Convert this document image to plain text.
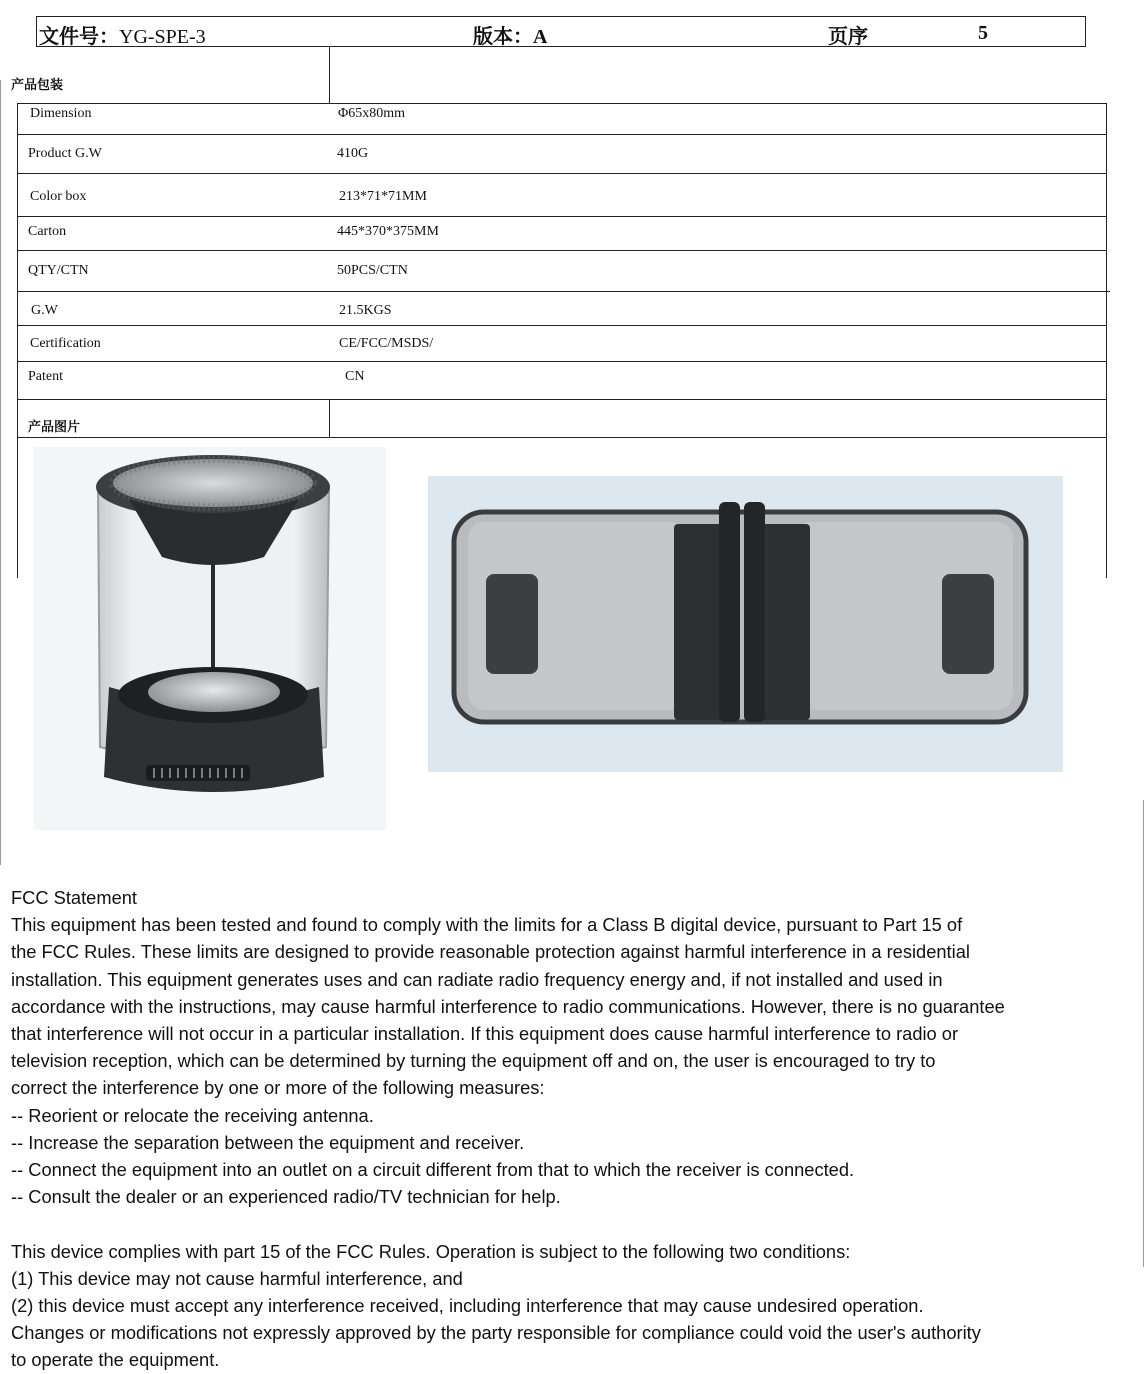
文件号：YG-SPE-3	版本：A	页序	5
产品包装
Dimension	Φ65x80mm
Product G.W	410G
Color box	213*71*71MM
Carton	445*370*375MM
QTY/CTN	50PCS/CTN
G.W	21.5KGS
Certification	CE/FCC/MSDS/
Patent	CN
产品图片
FCC Statement
This equipment has been tested and found to comply with the limits for a Class B digital device, pursuant to Part 15 of
the FCC Rules. These limits are designed to provide reasonable protection against harmful interference in a residential
installation. This equipment generates uses and can radiate radio frequency energy and, if not installed and used in
accordance with the instructions, may cause harmful interference to radio communications. However, there is no guarantee
that interference will not occur in a particular installation. If this equipment does cause harmful interference to radio or
television reception, which can be determined by turning the equipment off and on, the user is encouraged to try to
correct the interference by one or more of the following measures:
-- Reorient or relocate the receiving antenna.
-- Increase the separation between the equipment and receiver.
-- Connect the equipment into an outlet on a circuit different from that to which the receiver is connected.
-- Consult the dealer or an experienced radio/TV technician for help.
This device complies with part 15 of the FCC Rules. Operation is subject to the following two conditions:
(1) This device may not cause harmful interference, and
(2) this device must accept any interference received, including interference that may cause undesired operation.
Changes or modifications not expressly approved by the party responsible for compliance could void the user's authority
to operate the equipment.
